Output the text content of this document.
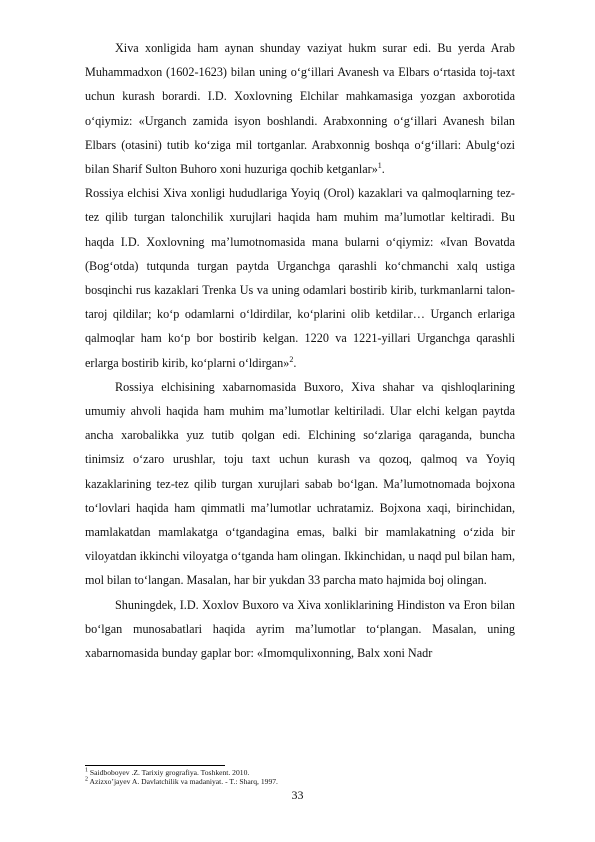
Xiva xonligida ham aynan shunday vaziyat hukm surar edi. Bu yerda Arab Muhammadxon (1602-1623) bilan uning o‘g‘illari Avanesh va Elbars o‘rtasida toj-taxt uchun kurash borardi. I.D. Xoxlovning Elchilar mahkamasiga yozgan axborotida o‘qiymiz: «Urganch zamida isyon boshlandi. Arabxonning o‘g‘illari Avanesh bilan Elbars (otasini) tutib ko‘ziga mil tortganlar. Arabxonnig boshqa o‘g‘illari: Abulg‘ozi bilan Sharif Sulton Buhoro xoni huzuriga qochib ketganlar»$^1$.

Rossiya elchisi Xiva xonligi hududlariga Yoyiq (Orol) kazaklari va qalmoqlarning tez-tez qilib turgan talonchilik xurujlari haqida ham muhim ma’lumotlar keltiradi. Bu haqda I.D. Xoxlovning ma’lumotnomasida mana bularni o‘qiymiz: «Ivan Bovatda (Bog‘otda) tutqunda turgan paytda Urganchga qarashli ko‘chmanchi xalq ustiga bosqinchi rus kazaklari Trenka Us va uning odamlari bostirib kirib, turkmanlarni talon-taroj qildilar; ko‘p odamlarni o‘ldirdilar, ko‘plarini olib ketdilar… Urganch erlariga qalmoqlar ham ko‘p bor bostirib kelgan. 1220 va 1221-yillari Urganchga qarashli erlarga bostirib kirib, ko‘plarni o‘ldirgan»$^2$.

Rossiya elchisining xabarnomasida Buxoro, Xiva shahar va qishloqlarining umumiy ahvoli haqida ham muhim ma’lumotlar keltiriladi. Ular elchi kelgan paytda ancha xarobalikka yuz tutib qolgan edi. Elchining so‘zlariga qaraganda, buncha tinimsiz o‘zaro urushlar, toju taxt uchun kurash va qozoq, qalmoq va Yoyiq kazaklarining tez-tez qilib turgan xurujlari sabab bo‘lgan. Ma’lumotnomada bojxona to‘lovlari haqida ham qimmatli ma’lumotlar uchratamiz. Bojxona xaqi, birinchidan, mamlakatdan mamlakatga o‘tgandagina emas, balki bir mamlakatning o‘zida bir viloyatdan ikkinchi viloyatga o‘tganda ham olingan. Ikkinchidan, u naqd pul bilan ham, mol bilan to‘langan. Masalan, har bir yukdan 33 parcha mato hajmida boj olingan.

Shuningdek, I.D. Xoxlov Buxoro va Xiva xonliklarining Hindiston va Eron bilan bo‘lgan munosabatlari haqida ayrim ma’lumotlar to‘plangan. Masalan, uning xabarnomasida bunday gaplar bor: «Imomqulixonning, Balx xoni Nadr

$^1$ Saidboboyev .Z. Tarixiy grografiya. Toshkent. 2010.
$^2$ Azizxo’jayev A. Davlatchilik va madaniyat. - T.: Sharq, 1997.
33
